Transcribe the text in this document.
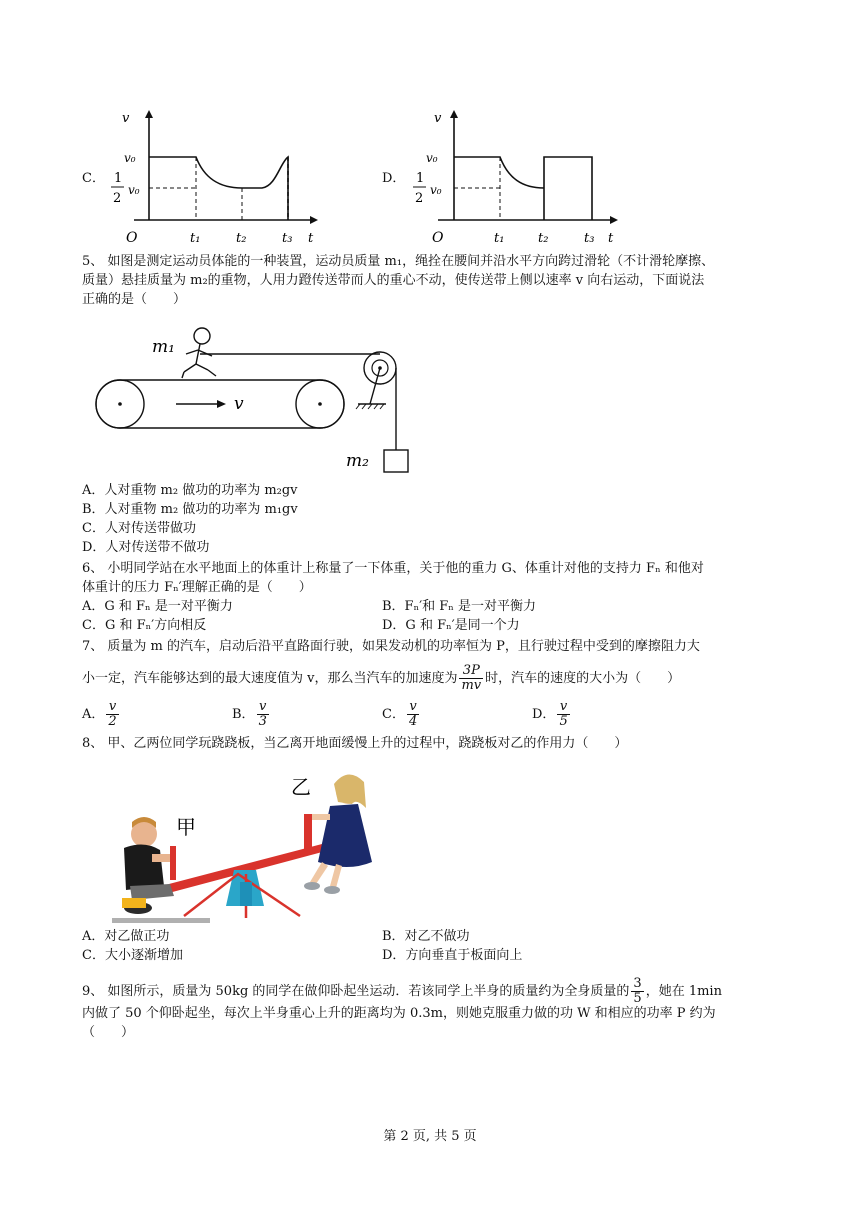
C．
v
v₀
1
2
v₀
O	t₁	t₂	t₃ t
D．
v
v₀
1
2
v₀
O	t₁	t₂	t₃ t
5、 如图是测定运动员体能的一种装置，运动员质量 m₁，绳拴在腰间并沿水平方向跨过滑轮（不计滑轮摩擦、
质量）悬挂质量为 m₂的重物，人用力蹬传送带而人的重心不动，使传送带上侧以速率 v 向右运动，下面说法
正确的是（　　）
m₁
v
m₂
A．人对重物 m₂ 做功的功率为 m₂gv
B．人对重物 m₂ 做功的功率为 m₁gv
C．人对传送带做功
D．人对传送带不做功
6、 小明同学站在水平地面上的体重计上称量了一下体重，关于他的重力 G、体重计对他的支持力 Fₙ 和他对
体重计的压力 Fₙ′理解正确的是（　　）
A．G 和 Fₙ 是一对平衡力	B．Fₙ′和 Fₙ 是一对平衡力
C．G 和 Fₙ′方向相反	D．G 和 Fₙ′是同一个力
7、 质量为 m 的汽车，启动后沿平直路面行驶，如果发动机的功率恒为 P，且行驶过程中受到的摩擦阻力大
小一定，汽车能够达到的最大速度值为 v，那么当汽车的加速度为 $\frac{3P}{mv}$ 时，汽车的速度的大小为（　　）
A． $\frac{v}{2}$	B． $\frac{v}{3}$	C． $\frac{v}{4}$	D． $\frac{v}{5}$
8、 甲、乙两位同学玩跷跷板，当乙离开地面缓慢上升的过程中，跷跷板对乙的作用力（　　）
甲
乙
A．对乙做正功	B．对乙不做功
C．大小逐渐增加	D．方向垂直于板面向上
9、 如图所示，质量为 50kg 的同学在做仰卧起坐运动．若该同学上半身的质量约为全身质量的 $\frac{3}{5}$ ，她在 1min
内做了 50 个仰卧起坐，每次上半身重心上升的距离均为 0.3m，则她克服重力做的功 W 和相应的功率 P 约为
（　　）
第 2 页, 共 5 页
